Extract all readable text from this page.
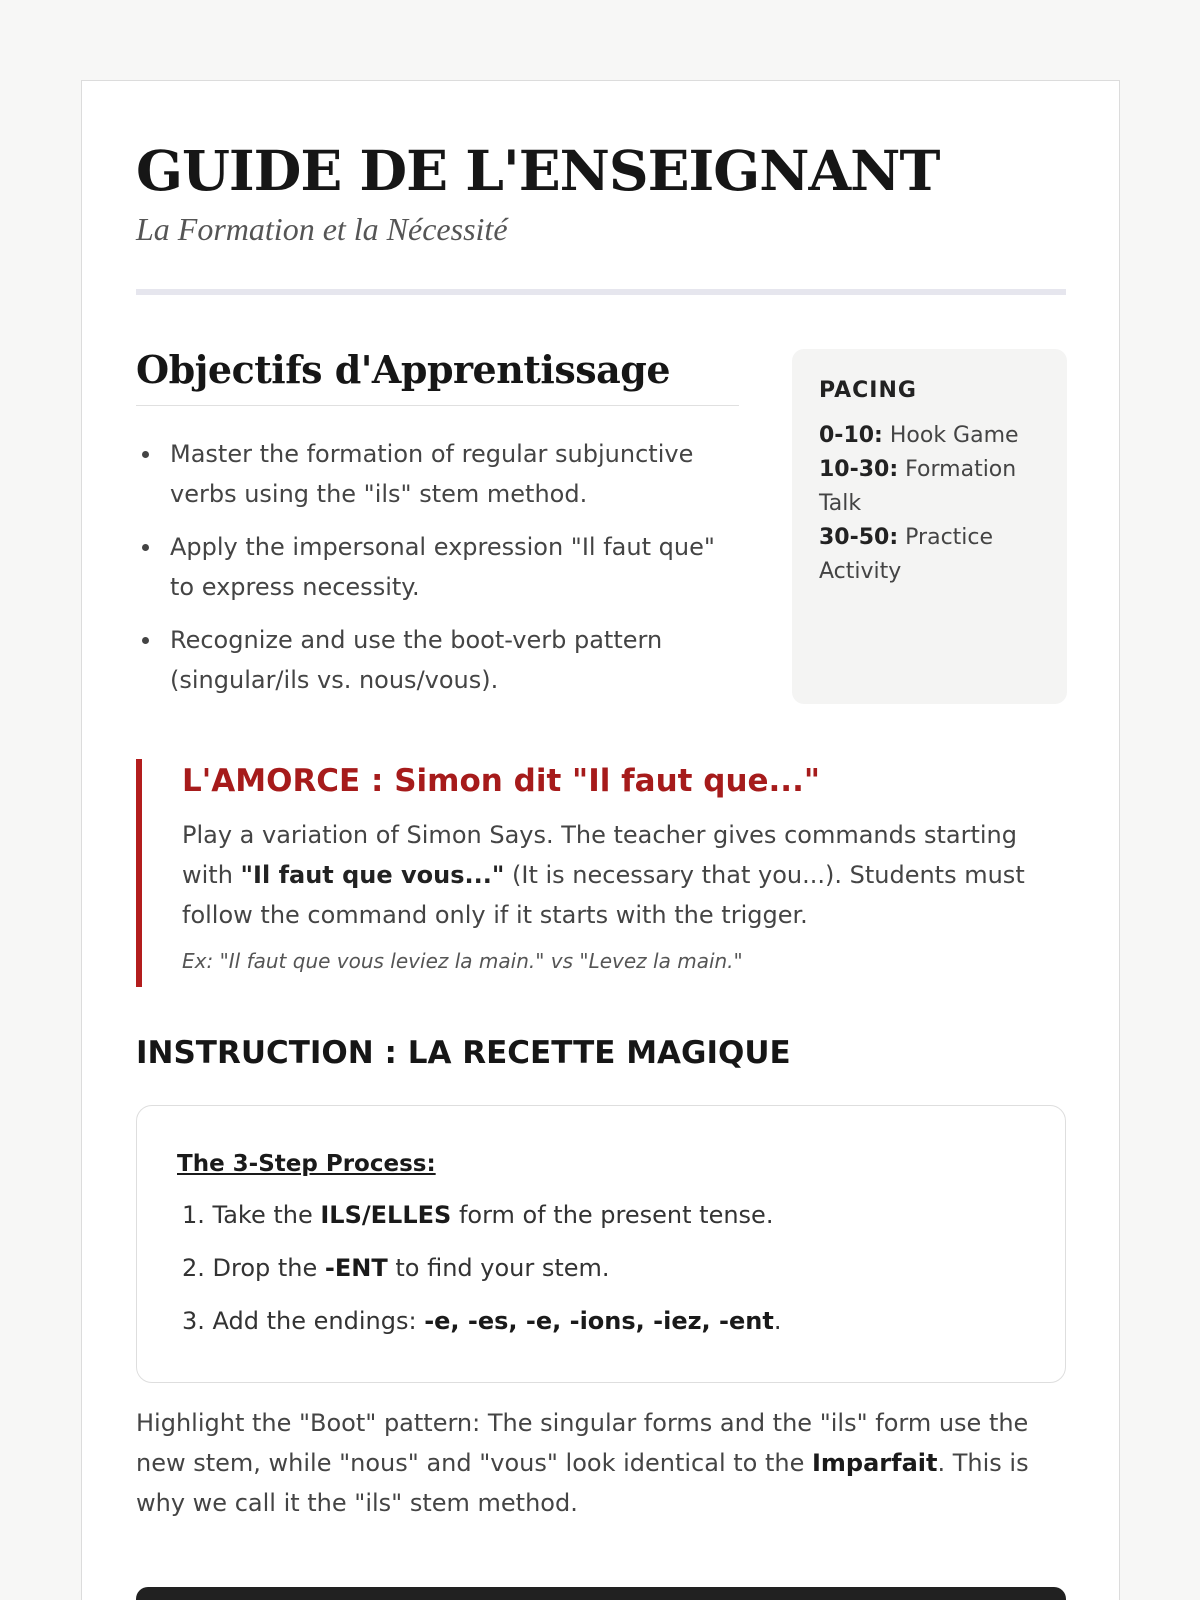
GUIDE DE L'ENSEIGNANT
La Formation et la Nécessité
Objectifs d'Apprentissage
Master the formation of regular subjunctive verbs using the "ils" stem method.
Apply the impersonal expression "Il faut que" to express necessity.
Recognize and use the boot-verb pattern (singular/ils vs. nous/vous).
PACING
0-10: Hook Game
10-30: Formation Talk
30-50: Practice Activity
L'AMORCE : Simon dit "Il faut que..."

Play a variation of Simon Says. The teacher gives commands starting with "Il faut que vous..." (It is necessary that you...). Students must follow the command only if it starts with the trigger.

Ex: "Il faut que vous leviez la main." vs "Levez la main."

INSTRUCTION : LA RECETTE MAGIQUE
The 3-Step Process:
1. Take the ILS/ELLES form of the present tense.
2. Drop the -ENT to find your stem.
3. Add the endings: -e, -es, -e, -ions, -iez, -ent.

Highlight the "Boot" pattern: The singular forms and the "ils" form use the new stem, while "nous" and "vous" look identical to the Imparfait. This is why we call it the "ils" stem method.
